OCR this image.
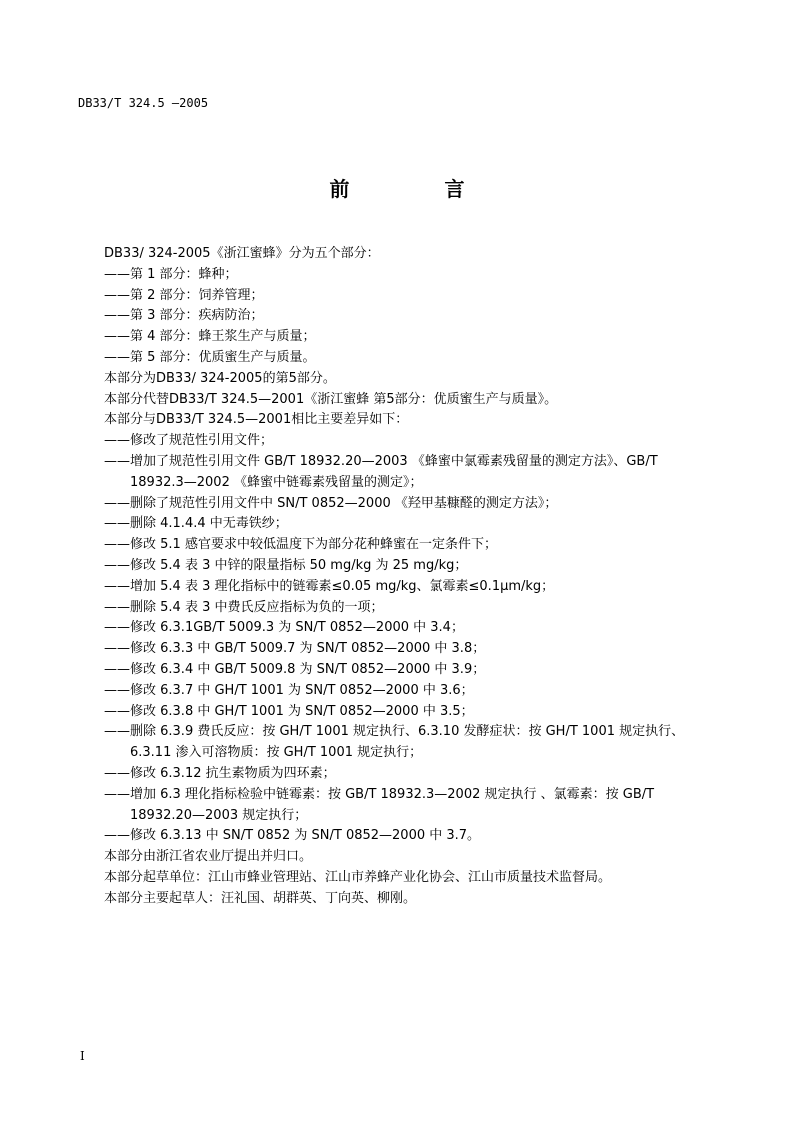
DB33/T 324.5 —2005
前 言
DB33/ 324-2005《浙江蜜蜂》分为五个部分：
——第 1 部分：蜂种；
——第 2 部分：饲养管理；
——第 3 部分：疾病防治；
——第 4 部分：蜂王浆生产与质量；
——第 5 部分：优质蜜生产与质量。
本部分为DB33/ 324-2005的第5部分。
本部分代替DB33/T 324.5—2001《浙江蜜蜂 第5部分：优质蜜生产与质量》。
本部分与DB33/T 324.5—2001相比主要差异如下：
——修改了规范性引用文件；
——增加了规范性引用文件 GB/T 18932.20—2003 《蜂蜜中氯霉素残留量的测定方法》、GB/T
18932.3—2002 《蜂蜜中链霉素残留量的测定》；
——删除了规范性引用文件中 SN/T 0852—2000 《羟甲基糠醛的测定方法》；
——删除 4.1.4.4 中无毒铁纱；
——修改 5.1 感官要求中较低温度下为部分花种蜂蜜在一定条件下；
——修改 5.4 表 3 中锌的限量指标 50 mg/kg 为 25 mg/kg；
——增加 5.4 表 3 理化指标中的链霉素≤0.05 mg/kg、氯霉素≤0.1μm/kg；
——删除 5.4 表 3 中费氏反应指标为负的一项；
——修改 6.3.1GB/T 5009.3 为 SN/T 0852—2000 中 3.4；
——修改 6.3.3 中 GB/T 5009.7 为 SN/T 0852—2000 中 3.8；
——修改 6.3.4 中 GB/T 5009.8 为 SN/T 0852—2000 中 3.9；
——修改 6.3.7 中 GH/T 1001 为 SN/T 0852—2000 中 3.6；
——修改 6.3.8 中 GH/T 1001 为 SN/T 0852—2000 中 3.5；
——删除 6.3.9 费氏反应：按 GH/T 1001 规定执行、6.3.10 发酵症状：按 GH/T 1001 规定执行、
6.3.11 渗入可溶物质：按 GH/T 1001 规定执行；
——修改 6.3.12 抗生素物质为四环素；
——增加 6.3 理化指标检验中链霉素：按 GB/T 18932.3—2002 规定执行 、氯霉素：按 GB/T
18932.20—2003 规定执行；
——修改 6.3.13 中 SN/T 0852 为 SN/T 0852—2000 中 3.7。
本部分由浙江省农业厅提出并归口。
本部分起草单位：江山市蜂业管理站、江山市养蜂产业化协会、江山市质量技术监督局。
本部分主要起草人：汪礼国、胡群英、丁向英、柳刚。
I
